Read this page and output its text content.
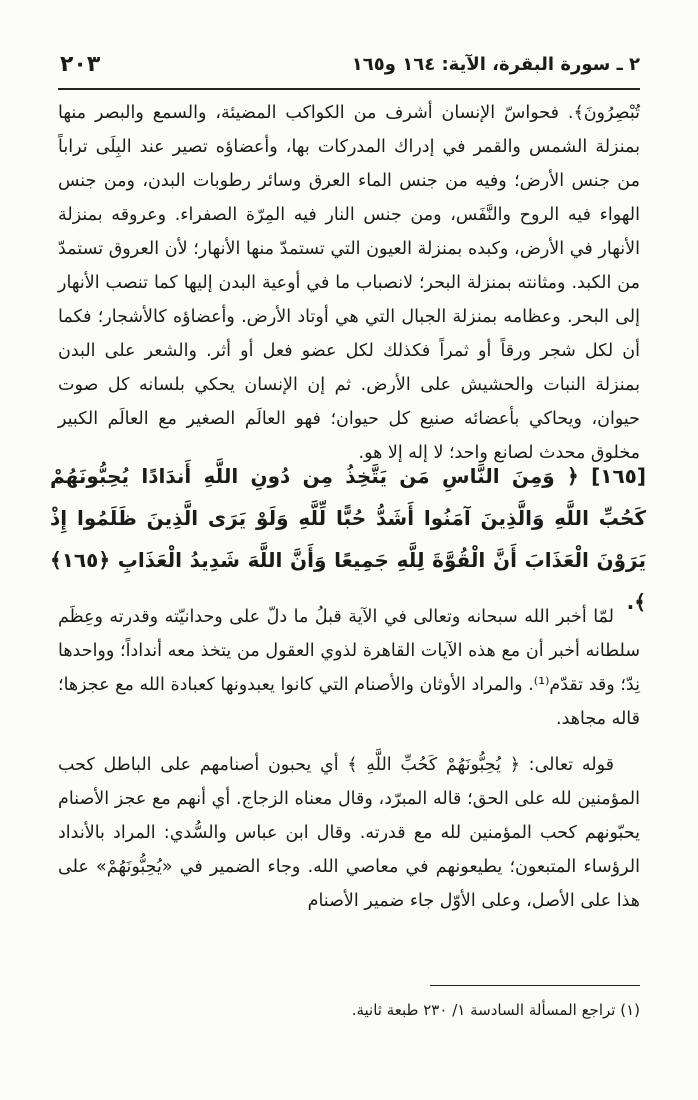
٢ ـ سورة البقرة، الآية: ١٦٤ و١٦٥
٢٠٣

تُبْصِرُونَ﴾. فحواسّ الإنسان أشرف من الكواكب المضيئة، والسمع والبصر منها بمنزلة الشمس والقمر في إدراك المدركات بها، وأعضاؤه تصير عند البِلَى تراباً من جنس الأرض؛ وفيه من جنس الماء العرق وسائر رطوبات البدن، ومن جنس الهواء فيه الروح والنَّفَس، ومن جنس النار فيه المِرّة الصفراء. وعروقه بمنزلة الأنهار في الأرض، وكبده بمنزلة العيون التي تستمدّ منها الأنهار؛ لأن العروق تستمدّ من الكبد. ومثانته بمنزلة البحر؛ لانصباب ما في أوعية البدن إليها كما تنصب الأنهار إلى البحر. وعظامه بمنزلة الجبال التي هي أوتاد الأرض. وأعضاؤه كالأشجار؛ فكما أن لكل شجر ورقاً أو ثمراً فكذلك لكل عضو فعل أو أثر. والشعر على البدن بمنزلة النبات والحشيش على الأرض. ثم إن الإنسان يحكي بلسانه كل صوت حيوان، ويحاكي بأعضائه صنيع كل حيوان؛ فهو العالَم الصغير مع العالَم الكبير مخلوق محدث لصانع واحد؛ لا إله إلا هو.

[١٦٥] ﴿ وَمِنَ النَّاسِ مَن يَتَّخِذُ مِن دُونِ اللَّهِ أَندَادًا يُحِبُّونَهُمْ كَحُبِّ اللَّهِ وَالَّذِينَ آمَنُوا أَشَدُّ حُبًّا لِّلَّهِ وَلَوْ يَرَى الَّذِينَ ظَلَمُوا إِذْ يَرَوْنَ الْعَذَابَ أَنَّ الْقُوَّةَ لِلَّهِ جَمِيعًا وَأَنَّ اللَّهَ شَدِيدُ الْعَذَابِ ﴿١٦٥﴾ ﴾.

لمّا أخبر الله سبحانه وتعالى في الآية قبلُ ما دلّ على وحدانيّته وقدرته وعِظَم سلطانه أخبر أن مع هذه الآيات القاهرة لذوي العقول من يتخذ معه أنداداً؛ وواحدها نِدّ؛ وقد تقدّم⁽¹⁾. والمراد الأوثان والأصنام التي كانوا يعبدونها كعبادة الله مع عجزها؛ قاله مجاهد.

قوله تعالى: ﴿ يُحِبُّونَهُمْ كَحُبِّ اللَّهِ ﴾ أي يحبون أصنامهم على الباطل كحب المؤمنين لله على الحق؛ قاله المبرّد، وقال معناه الزجاج. أي أنهم مع عجز الأصنام يحبّونهم كحب المؤمنين لله مع قدرته. وقال ابن عباس والسُّدي: المراد بالأنداد الرؤساء المتبعون؛ يطيعونهم في معاصي الله. وجاء الضمير في «يُحِبُّونَهُمْ» على هذا على الأصل، وعلى الأوّل جاء ضمير الأصنام

(١) تراجع المسألة السادسة ١/ ٢٣٠ طبعة ثانية.
